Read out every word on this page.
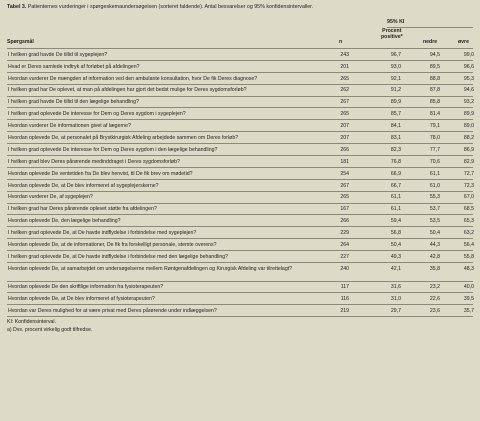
Tabel 3. Patienternes vurderinger i spørgeskemaundersøgelsen (sorteret faldende). Antal besvarelser og 95% konfidensintervaller.
95% KI
Spørgsmål	n
Procent
positive*
nedre	øvre
I hvilken grad havde De tillid til sygeplejen?	243	96,7	94,5	99,0
Hvad er Deres samlede indtryk af forløbet på afdelingen?	201	93,0	89,5	96,6
Hvordan vurderer De mængden af information ved den ambulante konsultation, hvor De fik Deres diagnose?	265	92,1	88,8	95,3
I hvilken grad har De oplevet, at man på afdelingen har gjort det bedst mulige for Deres sygdomsforløb?	262	91,2	87,8	94,6
I hvilken grad havde De tillid til den lægelige behandling?	267	89,9	85,8	93,2
I hvilken grad oplevede De interesse for Dem og Deres sygdom i sygeplejen?	265	85,7	81,4	89,9
Hvordan vurderer De informationen givet af lægerne?	207	84,1	79,1	89,0
Hvordan oplevede De, at personalet på Brystkirurgisk Afdeling arbejdede sammen om Deres forløb?	207	83,1	78,0	88,2
I hvilken grad oplevede De interesse for Dem og Deres sygdom i den lægelige behandling?	266	82,3	77,7	86,9
I hvilken grad blev Deres pårørende medinddraget i Deres sygdomsforløb?	181	76,8	70,6	82,9
Hvordan oplevede De ventetiden fra De blev henvist, til De fik brev om mødetid?	254	66,9	61,1	72,7
Hvordan oplevede De, at De blev informeret af sygeplejerskerne?	267	66,7	61,0	72,3
Hvordan vurderer De, af sygeplejen?	265	61,1	55,3	67,0
I hvilken grad har Deres pårørende oplevet støtte fra afdelingen?	167	61,1	53,7	68,5
Hvordan oplevede De, den lægelige behandling?	266	59,4	53,5	65,3
I hvilken grad oplevede De, at De havde indflydelse i forbindelse med sygeplejen?	229	56,8	50,4	63,2
Hvordan oplevede De, at de informationer, De fik fra forskelligt personale, stemte overens?	264	50,4	44,3	56,4
I hvilken grad oplevede De, at De havde indflydelse i forbindelse med den lægelige behandling?	227	49,3	42,8	55,8
Hvordan oplevede De, at samarbejdet om undersøgelserne mellem Røntgenafdelingen og Kirurgisk Afdeling var tilrettelagt?	240	42,1	35,8	48,3
Hvordan oplevede De den skriftlige information fra fysioterapeuten?	117	31,6	23,2	40,0
Hvordan oplevede De, at De blev informeret af fysioterapeuten?	116	31,0	22,6	39,5
Hvordan var Deres mulighed for at være privat med Deres pårørende under indlæggelsen?	219	29,7	23,6	35,7
KI: Konfidensinterval.
a) Dvs. procent virkelig godt tilfredse.
